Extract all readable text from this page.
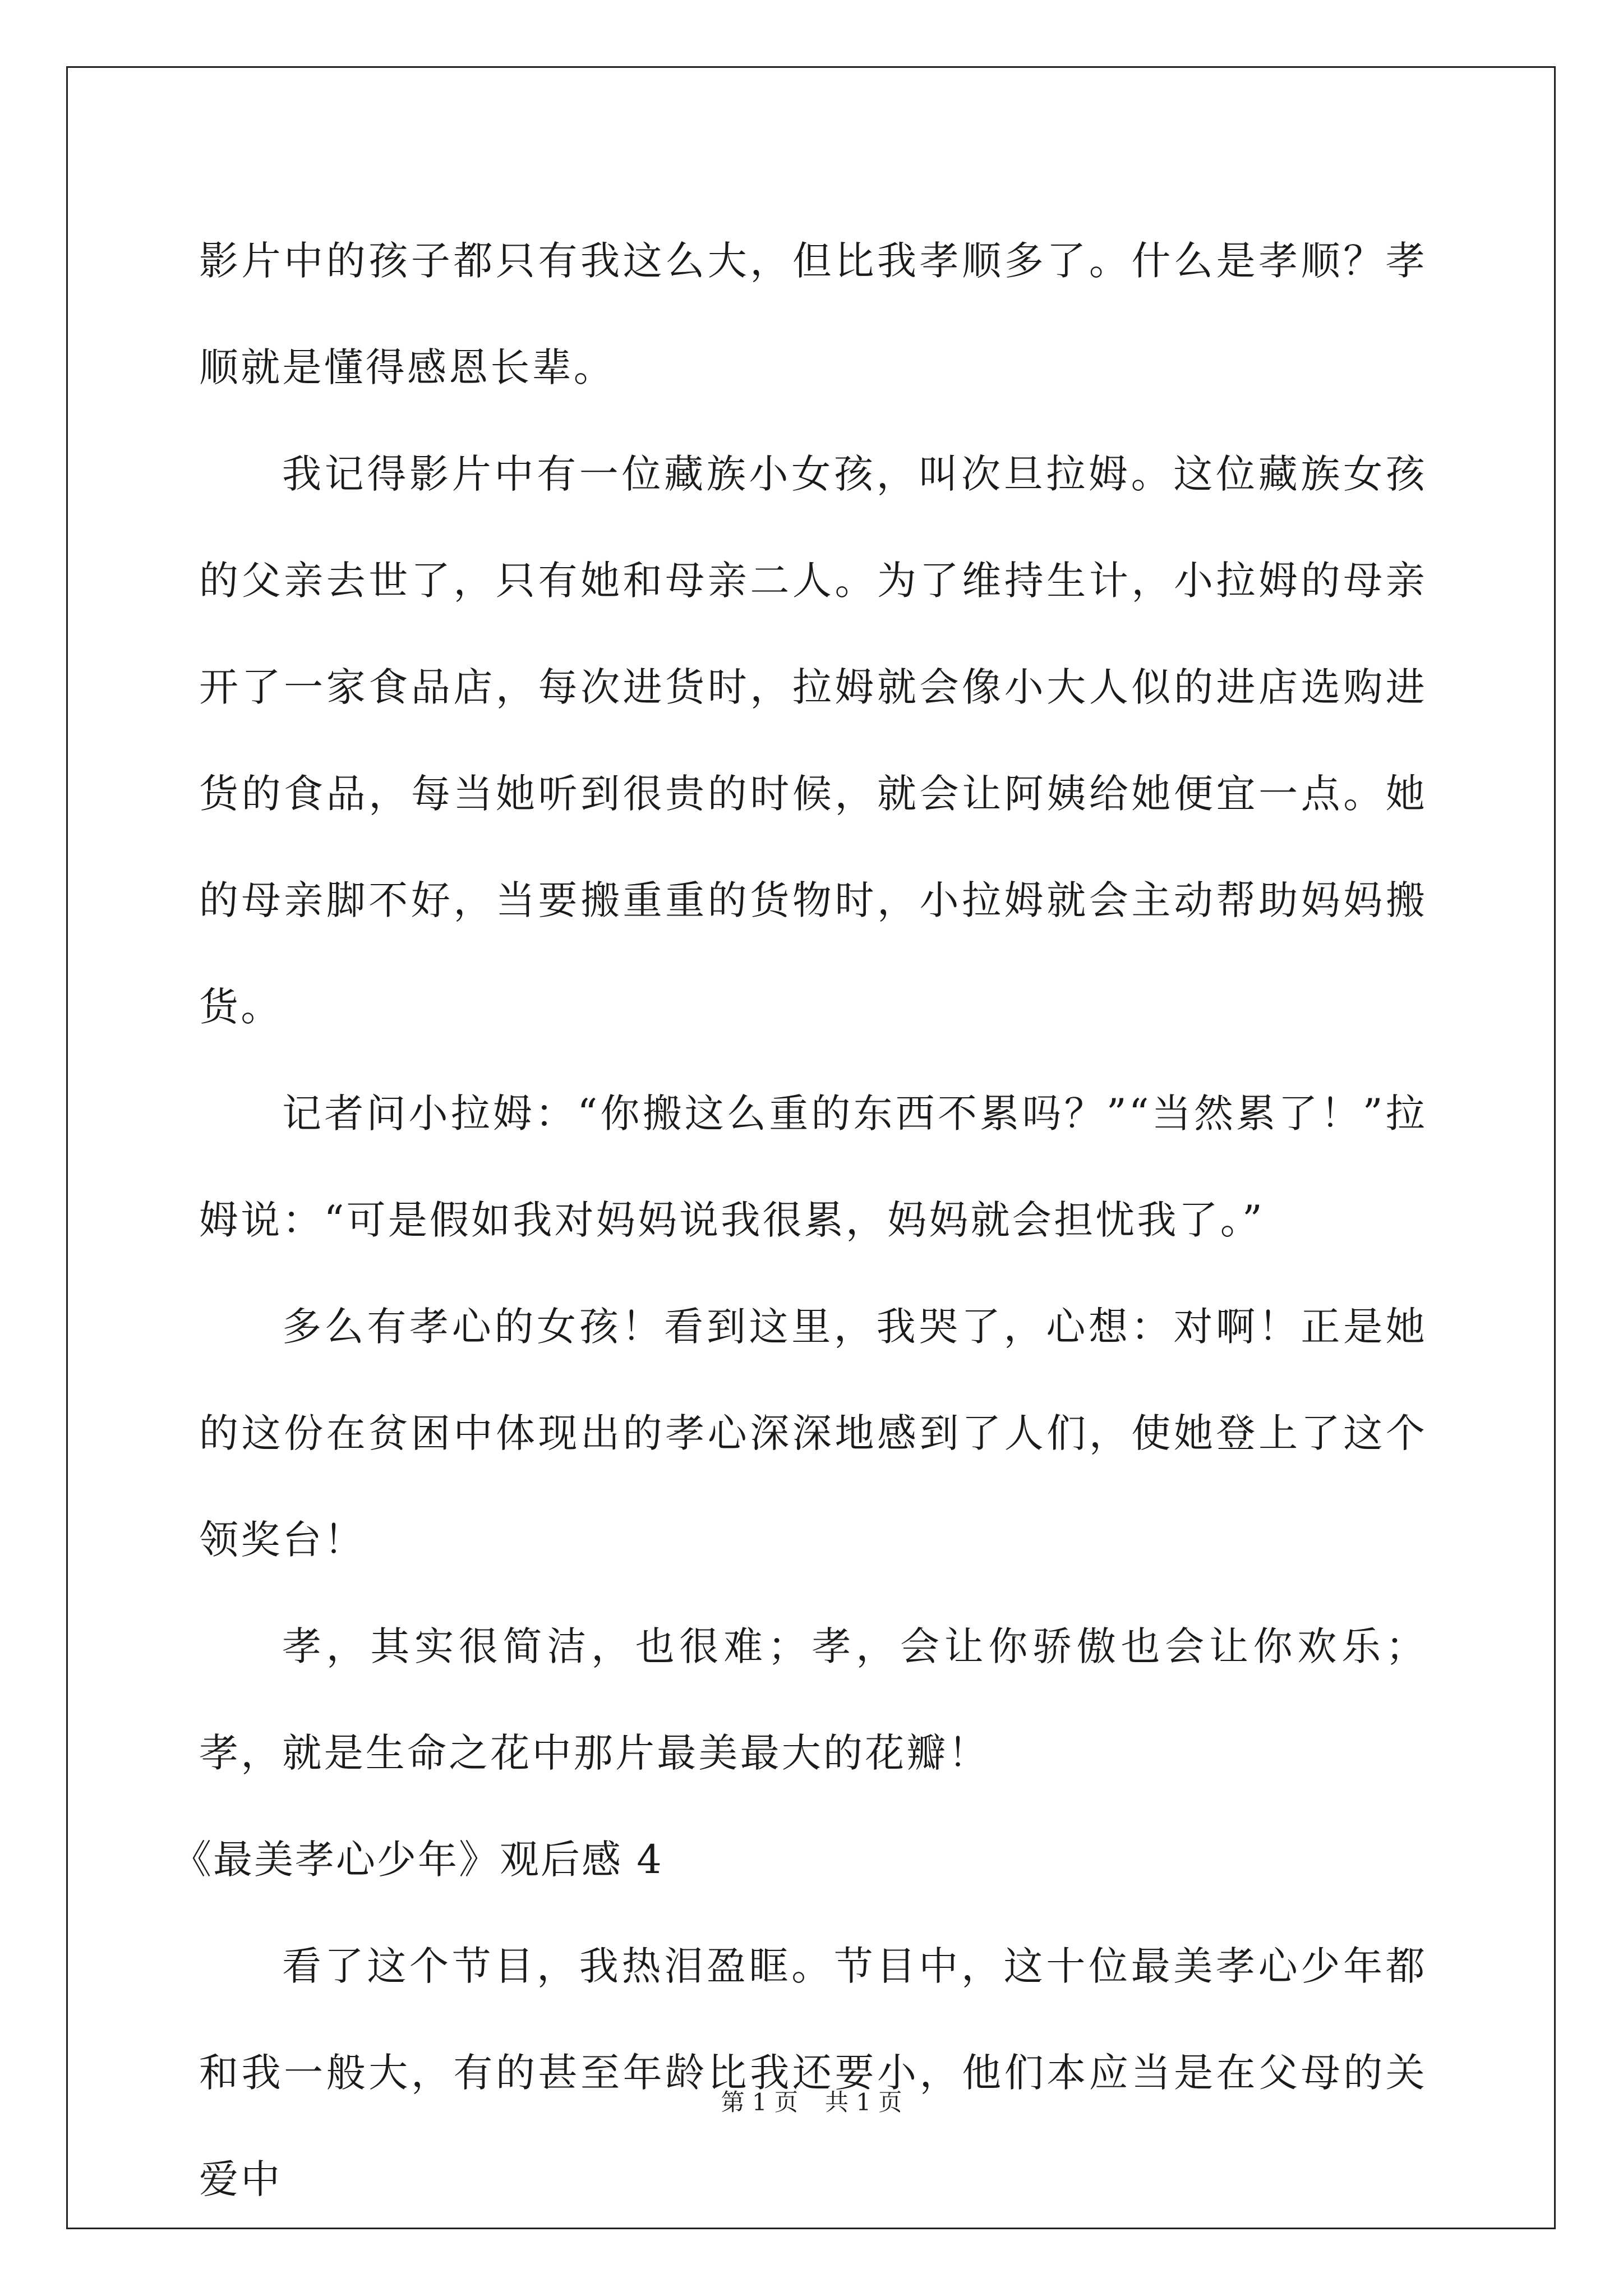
影片中的孩子都只有我这么大，但比我孝顺多了。什么是孝顺？孝顺就是懂得感恩长辈。

我记得影片中有一位藏族小女孩，叫次旦拉姆。这位藏族女孩的父亲去世了，只有她和母亲二人。为了维持生计，小拉姆的母亲开了一家食品店，每次进货时，拉姆就会像小大人似的进店选购进货的食品，每当她听到很贵的时候，就会让阿姨给她便宜一点。她的母亲脚不好，当要搬重重的货物时，小拉姆就会主动帮助妈妈搬货。

记者问小拉姆：“你搬这么重的东西不累吗？”“当然累了！”拉姆说：“可是假如我对妈妈说我很累，妈妈就会担忧我了。”

多么有孝心的女孩！看到这里，我哭了，心想：对啊！正是她的这份在贫困中体现出的孝心深深地感到了人们，使她登上了这个领奖台！

孝，其实很简洁，也很难；孝，会让你骄傲也会让你欢乐；孝，就是生命之花中那片最美最大的花瓣！

《最美孝心少年》观后感 4

看了这个节目，我热泪盈眶。节目中，这十位最美孝心少年都和我一般大，有的甚至年龄比我还要小，他们本应当是在父母的关爱中

第 1 页 共 1 页
